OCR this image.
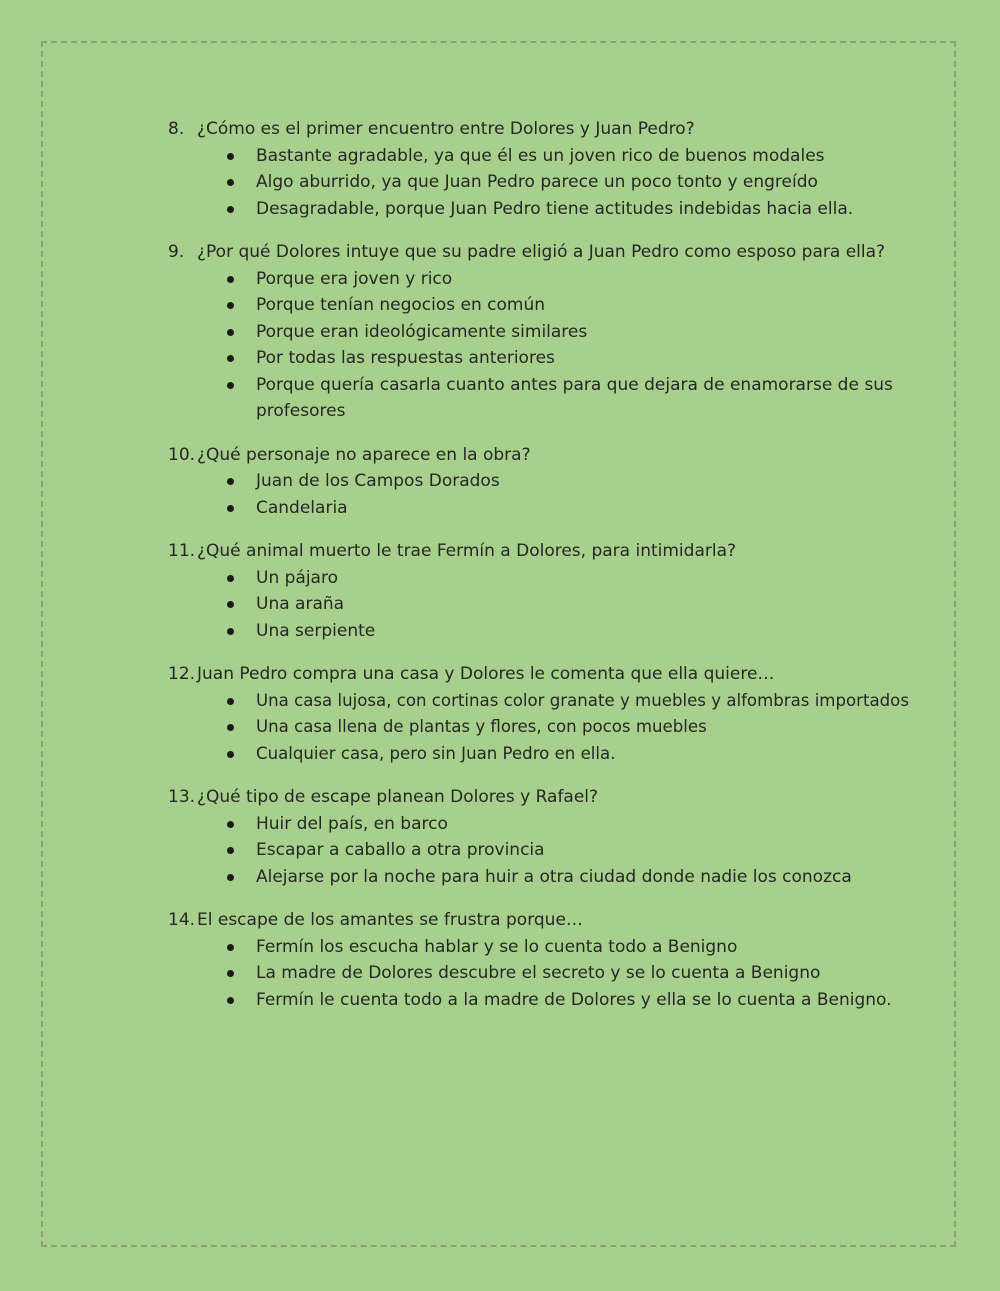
8. ¿Cómo es el primer encuentro entre Dolores y Juan Pedro?
Bastante agradable, ya que él es un joven rico de buenos modales
Algo aburrido, ya que Juan Pedro parece un poco tonto y engreído
Desagradable, porque Juan Pedro tiene actitudes indebidas hacia ella.
9. ¿Por qué Dolores intuye que su padre eligió a Juan Pedro como esposo para ella?
Porque era joven y rico
Porque tenían negocios en común
Porque eran ideológicamente similares
Por todas las respuestas anteriores
Porque quería casarla cuanto antes para que dejara de enamorarse de sus profesores
10. ¿Qué personaje no aparece en la obra?
Juan de los Campos Dorados
Candelaria
11. ¿Qué animal muerto le trae Fermín a Dolores, para intimidarla?
Un pájaro
Una araña
Una serpiente
12. Juan Pedro compra una casa y Dolores le comenta que ella quiere…
Una casa lujosa, con cortinas color granate y muebles y alfombras importados
Una casa llena de plantas y flores, con pocos muebles
Cualquier casa, pero sin Juan Pedro en ella.
13. ¿Qué tipo de escape planean Dolores y Rafael?
Huir del país, en barco
Escapar a caballo a otra provincia
Alejarse por la noche para huir a otra ciudad donde nadie los conozca
14. El escape de los amantes se frustra porque…
Fermín los escucha hablar y se lo cuenta todo a Benigno
La madre de Dolores descubre el secreto y se lo cuenta a Benigno
Fermín le cuenta todo a la madre de Dolores y ella se lo cuenta a Benigno.
